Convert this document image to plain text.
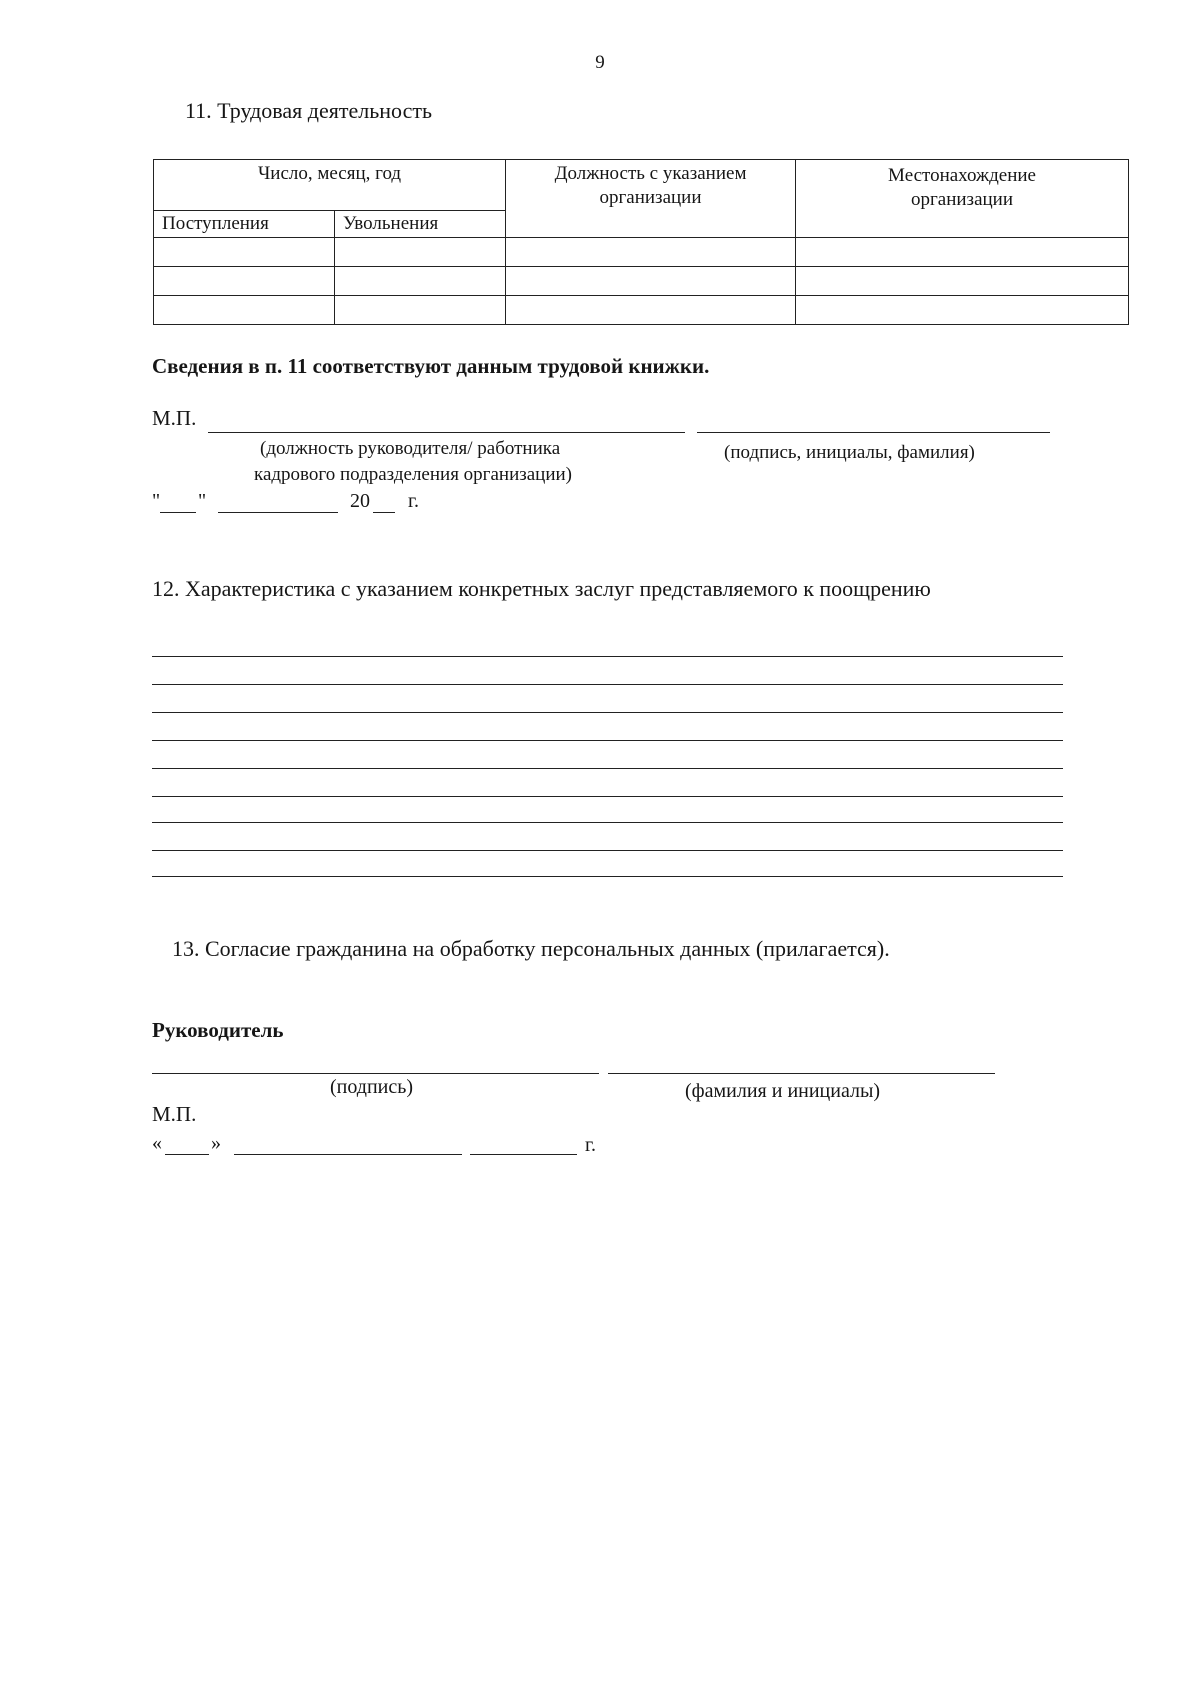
9
11. Трудовая деятельность
Число, месяц, год		Должность с указанием организации	Местонахождение организации
Поступления	Увольнения		

Сведения в п. 11 соответствуют данным трудовой книжки.
М.П.
(должность руководителя/ работника
кадрового подразделения организации)
(подпись, инициалы, фамилия)
" "	20 г.
12. Характеристика с указанием конкретных заслуг представляемого к поощрению
13. Согласие гражданина на обработку персональных данных (прилагается).
Руководитель
(подпись)	(фамилия и инициалы)
М.П.
« »	г.
